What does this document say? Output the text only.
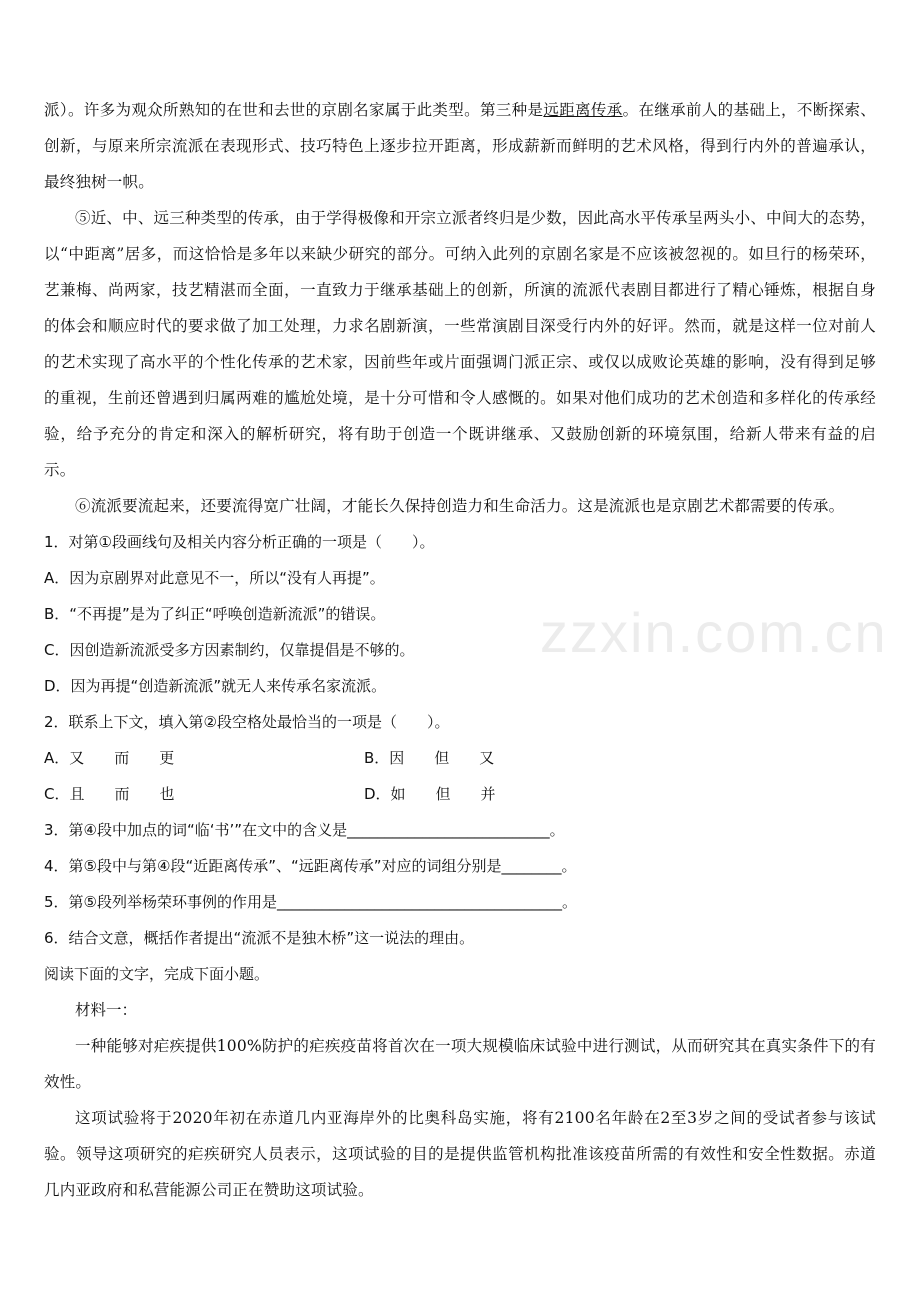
zzxin.com.cn

派）。许多为观众所熟知的在世和去世的京剧名家属于此类型。第三种是远距离传承。在继承前人的基础上，不断探索、创新，与原来所宗流派在表现形式、技巧特色上逐步拉开距离，形成薪新而鲜明的艺术风格，得到行内外的普遍承认，最终独树一帜。

⑤近、中、远三种类型的传承，由于学得极像和开宗立派者终归是少数，因此高水平传承呈两头小、中间大的态势，以“中距离”居多，而这恰恰是多年以来缺少研究的部分。可纳入此列的京剧名家是不应该被忽视的。如旦行的杨荣环，艺兼梅、尚两家，技艺精湛而全面，一直致力于继承基础上的创新，所演的流派代表剧目都进行了精心锤炼，根据自身的体会和顺应时代的要求做了加工处理，力求名剧新演，一些常演剧目深受行内外的好评。然而，就是这样一位对前人的艺术实现了高水平的个性化传承的艺术家，因前些年或片面强调门派正宗、或仅以成败论英雄的影响，没有得到足够的重视，生前还曾遇到归属两难的尴尬处境，是十分可惜和令人感慨的。如果对他们成功的艺术创造和多样化的传承经验，给予充分的肯定和深入的解析研究，将有助于创造一个既讲继承、又鼓励创新的环境氛围，给新人带来有益的启示。

⑥流派要流起来，还要流得宽广壮阔，才能长久保持创造力和生命活力。这是流派也是京剧艺术都需要的传承。

1．对第①段画线句及相关内容分析正确的一项是（　　）。

A．因为京剧界对此意见不一，所以“没有人再提”。

B．“不再提”是为了纠正“呼唤创造新流派”的错误。

C．因创造新流派受多方因素制约，仅靠提倡是不够的。

D．因为再提“创造新流派”就无人来传承名家流派。

2．联系上下文，填入第②段空格处最恰当的一项是（　　）。

A．又　　而　　更	B．因　　但　　又
C．且　　而　　也	D．如　　但　　并

3．第④段中加点的词“临‘书’”在文中的含义是___________________________。

4．第⑤段中与第④段“近距离传承”、“远距离传承”对应的词组分别是________。

5．第⑤段列举杨荣环事例的作用是______________________________________。

6．结合文意，概括作者提出“流派不是独木桥”这一说法的理由。

阅读下面的文字，完成下面小题。

材料一：

一种能够对疟疾提供100%防护的疟疾疫苗将首次在一项大规模临床试验中进行测试，从而研究其在真实条件下的有效性。

这项试验将于2020年初在赤道几内亚海岸外的比奥科岛实施，将有2100名年龄在2至3岁之间的受试者参与该试验。领导这项研究的疟疾研究人员表示，这项试验的目的是提供监管机构批准该疫苗所需的有效性和安全性数据。赤道几内亚政府和私营能源公司正在赞助这项试验。
